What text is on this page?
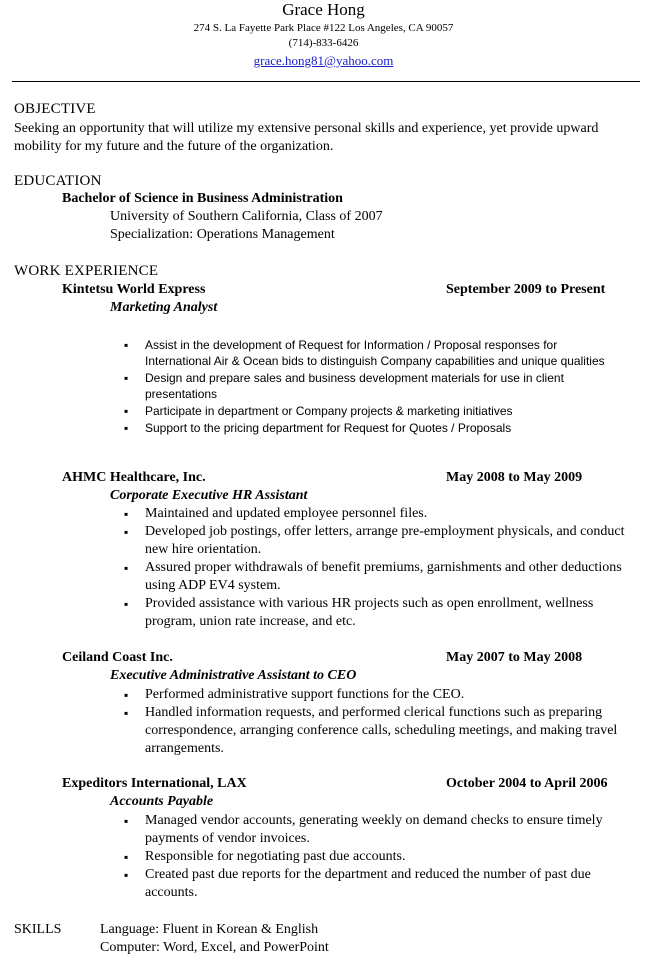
Grace Hong
274 S. La Fayette Park Place #122 Los Angeles, CA 90057
(714)-833-6426
grace.hong81@yahoo.com
OBJECTIVE
Seeking an opportunity that will utilize my extensive personal skills and experience, yet provide upward mobility for my future and the future of the organization.
EDUCATION
Bachelor of Science in Business Administration
University of Southern California, Class of 2007
Specialization: Operations Management
WORK EXPERIENCE
Kintetsu World Express	September 2009 to Present
Marketing Analyst
▪ Assist in the development of Request for Information / Proposal responses for International Air & Ocean bids to distinguish Company capabilities and unique qualities
▪ Design and prepare sales and business development materials for use in client presentations
▪ Participate in department or Company projects & marketing initiatives
▪ Support to the pricing department for Request for Quotes / Proposals
AHMC Healthcare, Inc.	May 2008 to May 2009
Corporate Executive HR Assistant
▪ Maintained and updated employee personnel files.
▪ Developed job postings, offer letters, arrange pre-employment physicals, and conduct new hire orientation.
▪ Assured proper withdrawals of benefit premiums, garnishments and other deductions using ADP EV4 system.
▪ Provided assistance with various HR projects such as open enrollment, wellness program, union rate increase, and etc.
Ceiland Coast Inc.	May 2007 to May 2008
Executive Administrative Assistant to CEO
▪ Performed administrative support functions for the CEO.
▪ Handled information requests, and performed clerical functions such as preparing correspondence, arranging conference calls, scheduling meetings, and making travel arrangements.
Expeditors International, LAX	October 2004 to April 2006
Accounts Payable
▪ Managed vendor accounts, generating weekly on demand checks to ensure timely payments of vendor invoices.
▪ Responsible for negotiating past due accounts.
▪ Created past due reports for the department and reduced the number of past due accounts.
SKILLS	Language: Fluent in Korean & English
Computer: Word, Excel, and PowerPoint
